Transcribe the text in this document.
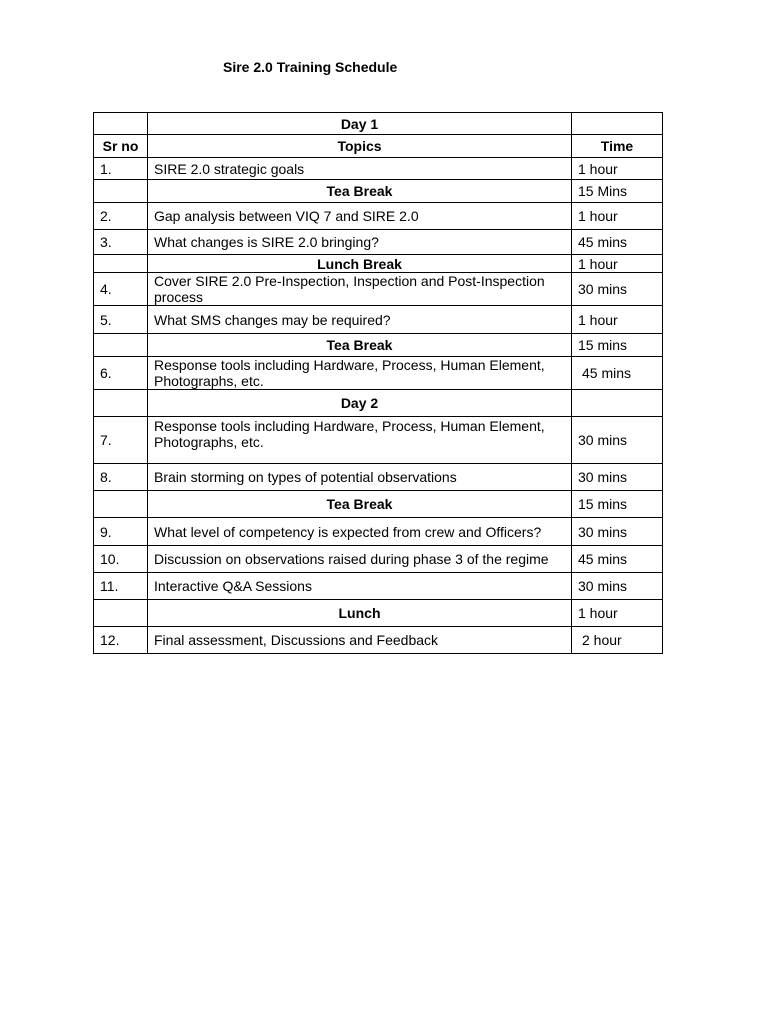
Sire 2.0 Training Schedule
	Day 1	
Sr no	Topics	Time
1.	SIRE 2.0 strategic goals	1 hour
	Tea Break	15 Mins
2.	Gap analysis between VIQ 7 and SIRE 2.0	1 hour
3.	What changes is SIRE 2.0 bringing?	45 mins
	Lunch Break	1 hour
4.	Cover SIRE 2.0 Pre-Inspection, Inspection and Post-Inspection process	30 mins
5.	What SMS changes may be required?	1 hour
	Tea Break	15 mins
6.	Response tools including Hardware, Process, Human Element, Photographs, etc.	45 mins
	Day 2	
7.	Response tools including Hardware, Process, Human Element, Photographs, etc.	30 mins
8.	Brain storming on types of potential observations	30 mins
	Tea Break	15 mins
9.	What level of competency is expected from crew and Officers?	30 mins
10.	Discussion on observations raised during phase 3 of the regime	45 mins
11.	Interactive Q&A Sessions	30 mins
	Lunch	1 hour
12.	Final assessment, Discussions and Feedback	2 hour
